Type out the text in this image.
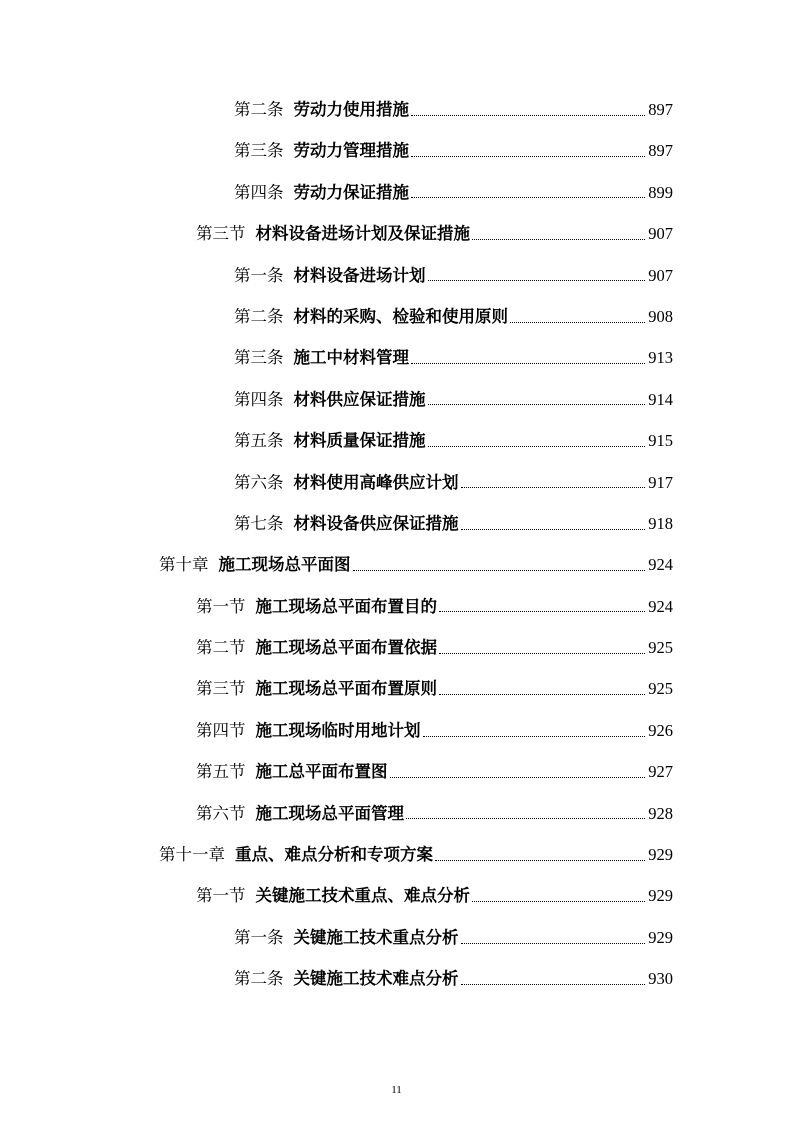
第二条 劳动力使用措施	897
第三条 劳动力管理措施	897
第四条 劳动力保证措施	899
第三节 材料设备进场计划及保证措施	907
第一条 材料设备进场计划	907
第二条 材料的采购、检验和使用原则	908
第三条 施工中材料管理	913
第四条 材料供应保证措施	914
第五条 材料质量保证措施	915
第六条 材料使用高峰供应计划	917
第七条 材料设备供应保证措施	918
第十章 施工现场总平面图	924
第一节 施工现场总平面布置目的	924
第二节 施工现场总平面布置依据	925
第三节 施工现场总平面布置原则	925
第四节 施工现场临时用地计划	926
第五节 施工总平面布置图	927
第六节 施工现场总平面管理	928
第十一章 重点、难点分析和专项方案	929
第一节 关键施工技术重点、难点分析	929
第一条 关键施工技术重点分析	929
第二条 关键施工技术难点分析	930
11
